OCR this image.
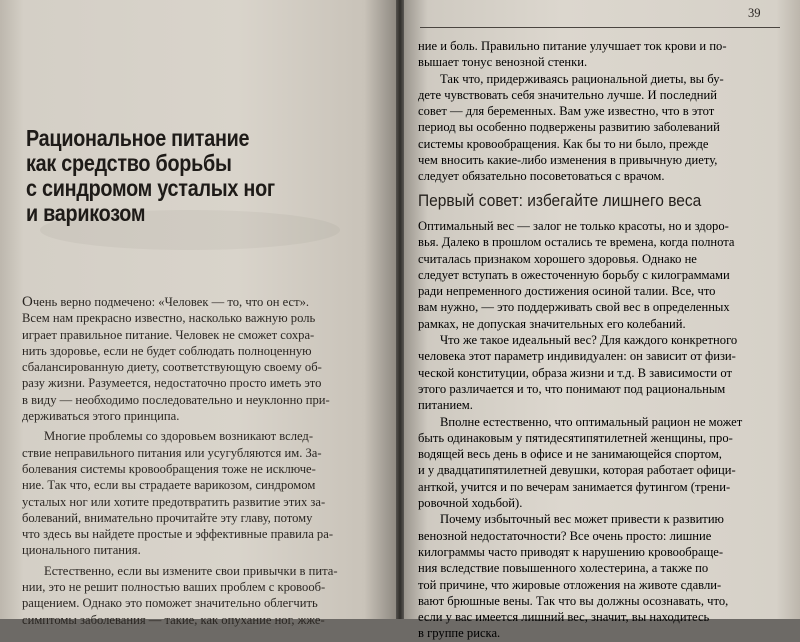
Рациональное питание
как средство борьбы
с синдромом усталых ног
и варикозом
Очень верно подмечено: «Человек — то, что он ест».
Всем нам прекрасно известно, насколько важную роль
играет правильное питание. Человек не сможет сохра-
нить здоровье, если не будет соблюдать полноценную
сбалансированную диету, соответствующую своему об-
разу жизни. Разумеется, недостаточно просто иметь это
в виду — необходимо последовательно и неуклонно при-
держиваться этого принципа.
Многие проблемы со здоровьем возникают вслед-
ствие неправильного питания или усугубляются им. За-
болевания системы кровообращения тоже не исключе-
ние. Так что, если вы страдаете варикозом, синдромом
усталых ног или хотите предотвратить развитие этих за-
болеваний, внимательно прочитайте эту главу, потому
что здесь вы найдете простые и эффективные правила ра-
ционального питания.
Естественно, если вы измените свои привычки в пита-
нии, это не решит полностью ваших проблем с кровооб-
ращением. Однако это поможет значительно облегчить
симптомы заболевания — такие, как опухание ног, жже-
39
ние и боль. Правильно питание улучшает ток крови и по-
вышает тонус венозной стенки.
Так что, придерживаясь рациональной диеты, вы бу-
дете чувствовать себя значительно лучше. И последний
совет — для беременных. Вам уже известно, что в этот
период вы особенно подвержены развитию заболеваний
системы кровообращения. Как бы то ни было, прежде
чем вносить какие-либо изменения в привычную диету,
следует обязательно посоветоваться с врачом.
Первый совет: избегайте лишнего веса
Оптимальный вес — залог не только красоты, но и здоро-
вья. Далеко в прошлом остались те времена, когда полнота
считалась признаком хорошего здоровья. Однако не
следует вступать в ожесточенную борьбу с килограммами
ради непременного достижения осиной талии. Все, что
вам нужно, — это поддерживать свой вес в определенных
рамках, не допуская значительных его колебаний.
Что же такое идеальный вес? Для каждого конкретного
человека этот параметр индивидуален: он зависит от физи-
ческой конституции, образа жизни и т.д. В зависимости от
этого различается и то, что понимают под рациональным
питанием.
Вполне естественно, что оптимальный рацион не может
быть одинаковым у пятидесятипятилетней женщины, про-
водящей весь день в офисе и не занимающейся спортом,
и у двадцатипятилетней девушки, которая работает офици-
анткой, учится и по вечерам занимается футингом (трени-
ровочной ходьбой).
Почему избыточный вес может привести к развитию
венозной недостаточности? Все очень просто: лишние
килограммы часто приводят к нарушению кровообраще-
ния вследствие повышенного холестерина, а также по
той причине, что жировые отложения на животе сдавли-
вают брюшные вены. Так что вы должны осознавать, что,
если у вас имеется лишний вес, значит, вы находитесь
в группе риска.
